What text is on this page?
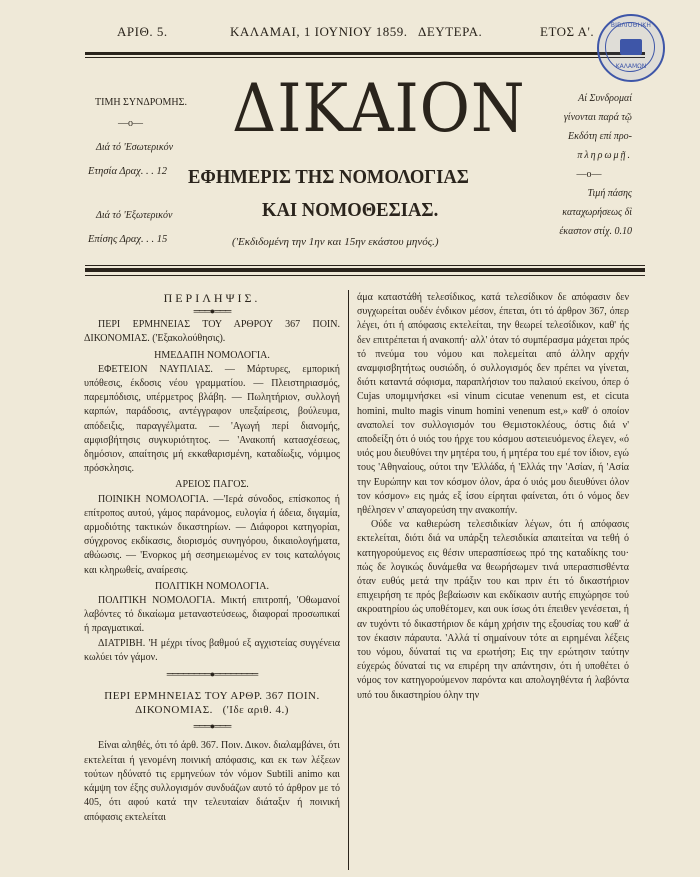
ΑΡΙΘ. 5.	ΚΑΛΑΜΑΙ, 1 ΙΟΥΝΙΟΥ 1859. ΔΕΥΤΕΡΑ.	ΕΤΟΣ Α'.	ΒΙΒΛΙΟΘΗΚΗ
ΚΑΛΑΜΩΝ
ΤΙΜΗ ΣΥΝΔΡΟΜΗΣ.
—ο—
Διά τό 'Εσωτερικόν
Ετησία Δραχ. . . 12
Διά τό 'Εξωτερικόν
Επίσης Δραχ. . . 15
ΔΙΚΑΙΟΝ
ΕΦΗΜΕΡΙΣ ΤΗΣ ΝΟΜΟΛΟΓΙΑΣ
ΚΑΙ ΝΟΜΟΘΕΣΙΑΣ.
('Εκδιδομένη την 1ην και 15ην εκάστου μηνός.)
Αί Συνδρομαί
γίνονται παρά τῷ
Εκδότη επί προ-
πληρωμῇ.
—ο—
Τιμή πάσης
καταχωρήσεως δὶ
έκαστον στίχ. 0.10

ΠΕΡΙΛΗΨΙΣ.

═══●═══

ΠΕΡΙ ΕΡΜΗΝΕΙΑΣ ΤΟΥ ΑΡΘΡΟΥ 367 ΠΟΙΝ. ΔΙΚΟΝΟΜΙΑΣ. ('Εξακολούθησις).

ΗΜΕΔΑΠΗ ΝΟΜΟΛΟΓΙΑ.

ΕΦΕΤΕΙΟΝ ΝΑΥΠΛΙΑΣ. — Μάρτυρες, εμπορική υπόθεσις, έκδοσις νέου γραμματίου. — Πλειστηριασμός, παρεμπόδισις, υπέρμετρος βλάβη. — Πωλητήριον, συλλογή καρπών, παράδοσις, αντέγγραφον υπεξαίρεσις, βούλευμα, απόδειξις, παραγγέλματα. — 'Αγωγή περί διανομής, αμφισβήτησις συγκυριότητος. — 'Ανακοπή κατασχέσεως, δημόσιον, απαίτησις μή εκκαθαρισμένη, καταδίωξις, νόμιμος πρόσκλησις.

ΑΡΕΙΟΣ ΠΑΓΟΣ.

ΠΟΙΝΙΚΗ ΝΟΜΟΛΟΓΙΑ. —'Ιερά σύνοδος, επίσκοπος ή επίτροπος αυτού, γάμος παράνομος, ευλογία ή άδεια, διγαμία, αρμοδιότης τακτικών δικαστηρίων. — Διάφοροι κατηγορίαι, σύγχρονος εκδίκασις, διορισμός συνηγόρου, δικαιολογήματα, αθώωσις. — 'Ενορκος μή σεσημειωμένος εν τοις καταλόγοις και κληρωθείς, αναίρεσις.

ΠΟΛΙΤΙΚΗ ΝΟΜΟΛΟΓΙΑ.

ΠΟΛΙΤΙΚΗ ΝΟΜΟΛΟΓΙΑ. Μικτή επιτροπή, 'Οθωμανοί λαβόντες τό δικαίωμα μεταναστεύσεως, διαφοραί προσωπικαί ή πραγματικαί.

ΔΙΑΤΡΙΒΗ. 'Η μέχρι τίνος βαθμού εξ αγχιστείας συγγένεια κωλύει τόν γάμον.

════════●════════

ΠΕΡΙ ΕΡΜΗΝΕΙΑΣ ΤΟΥ ΑΡΘΡ. 367 ΠΟΙΝ.

ΔΙΚΟΝΟΜΙΑΣ. ('Ιδε αριθ. 4.)

═══●═══

Είναι αληθές, ότι τό άρθ. 367. Ποιν. Δικον. διαλαμβάνει, ότι εκτελείται ή γενομένη ποινική απόφασις, και εκ των λέξεων τούτων ηδύνατό τις ερμηνεύων τόν νόμον Subtili animo και κάμψη τον έξης συλλογισμόν συνδυάζων αυτό τό άρθρον με τό 405, ότι αφού κατά την τελευταίαν διάταξιν ή ποινική απόφασις εκτελείται

άμα καταστάθή τελεσίδικος, κατά τελεσίδικον δε απόφασιν δεν συγχωρείται ουδέν ένδικον μέσον, έπεται, ότι τό άρθρον 367, όπερ λέγει, ότι ή απόφασις εκτελείται, την θεωρεί τελεσίδικον, καθ' ής δεν επιτρέπεται ή ανακοπή· αλλ' όταν τό συμπέρασμα μάχεται πρός τό πνεύμα του νόμου και πολεμείται από άλλην αρχήν αναμφισβητήτως ουσιώδη, ό συλλογισμός δεν πρέπει να γίνεται, διότι καταντά σόφισμα, παραπλήσιον του παλαιού εκείνου, όπερ ό Cujas υπομιμνήσκει «si vinum cicutae venenum est, et cicuta homini, multo magis vinum homini venenum est,» καθ' ό οποίον αναπολεί τον συλλογισμόν του Θεμιστοκλέους, όστις διά ν' αποδείξη ότι ό υιός του ήρχε του κόσμου αστειευόμενος έλεγεν, «ό υιός μου διευθύνει την μητέρα του, ή μητέρα του εμέ τον ίδιον, εγώ τους 'Αθηναίους, ούτοι την 'Ελλάδα, ή 'Ελλάς την 'Ασίαν, ή 'Ασία την Ευρώπην και τον κόσμον όλον, άρα ό υιός μου διευθύνει όλον τον κόσμον» εις ημάς εξ ίσου είρηται φαίνεται, ότι ό νόμος δεν ηθέλησεν ν' απαγορεύση την ανακοπήν.

Ούδε να καθιερώση τελεσιδικίαν λέγων, ότι ή απόφασις εκτελείται, διότι διά να υπάρξη τελεσιδικία απαιτείται να τεθή ό κατηγορούμενος εις θέσιν υπερασπίσεως πρό της καταδίκης του· πώς δε λογικώς δυνάμεθα να θεωρήσωμεν τινά υπερασπισθέντα όταν ευθύς μετά την πράξιν του και πριν έτι τό δικαστήριον επιχειρήση τε πρός βεβαίωσιν και εκδίκασιν αυτής επιχώρησε τού ακροατηρίου ώς υποθέτομεν, και ουκ ίσως ότι έπειθεν γενέσεται, ή αν τυχόντι τό δικαστήριον δε κάμη χρήσιν της εξουσίας του καθ' ά τον έκασιν πάραυτα. 'Αλλά τί σημαίνουν τότε αι ειρημέναι λέξεις του νόμου, δύναταί τις να ερωτήση; Εις την ερώτησιν ταύτην εύχερώς δύναταί τις να επιρέρη την απάντησιν, ότι ή υποθέτει ό νόμος τον κατηγορούμενον παρόντα και απολογηθέντα ή λαβόντα υπό του δικαστηρίου όλην την
